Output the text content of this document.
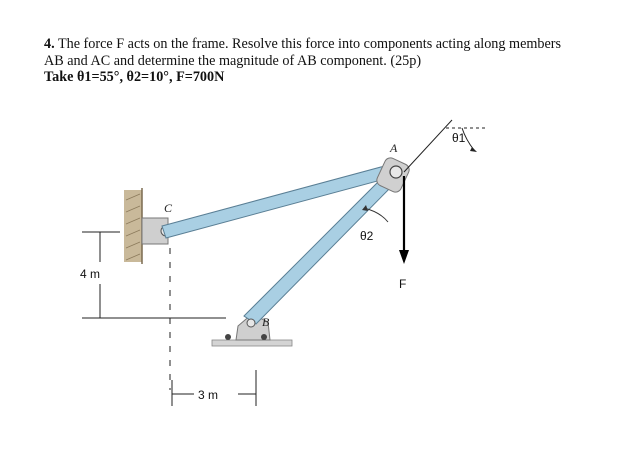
4. The force F acts on the frame. Resolve this force into components acting along members
AB and AC and determine the magnitude of AB component. (25p)
Take θ1=55°, θ2=10°, F=700N
θ1
θ2
A
B
C
F
4 m
3 m
